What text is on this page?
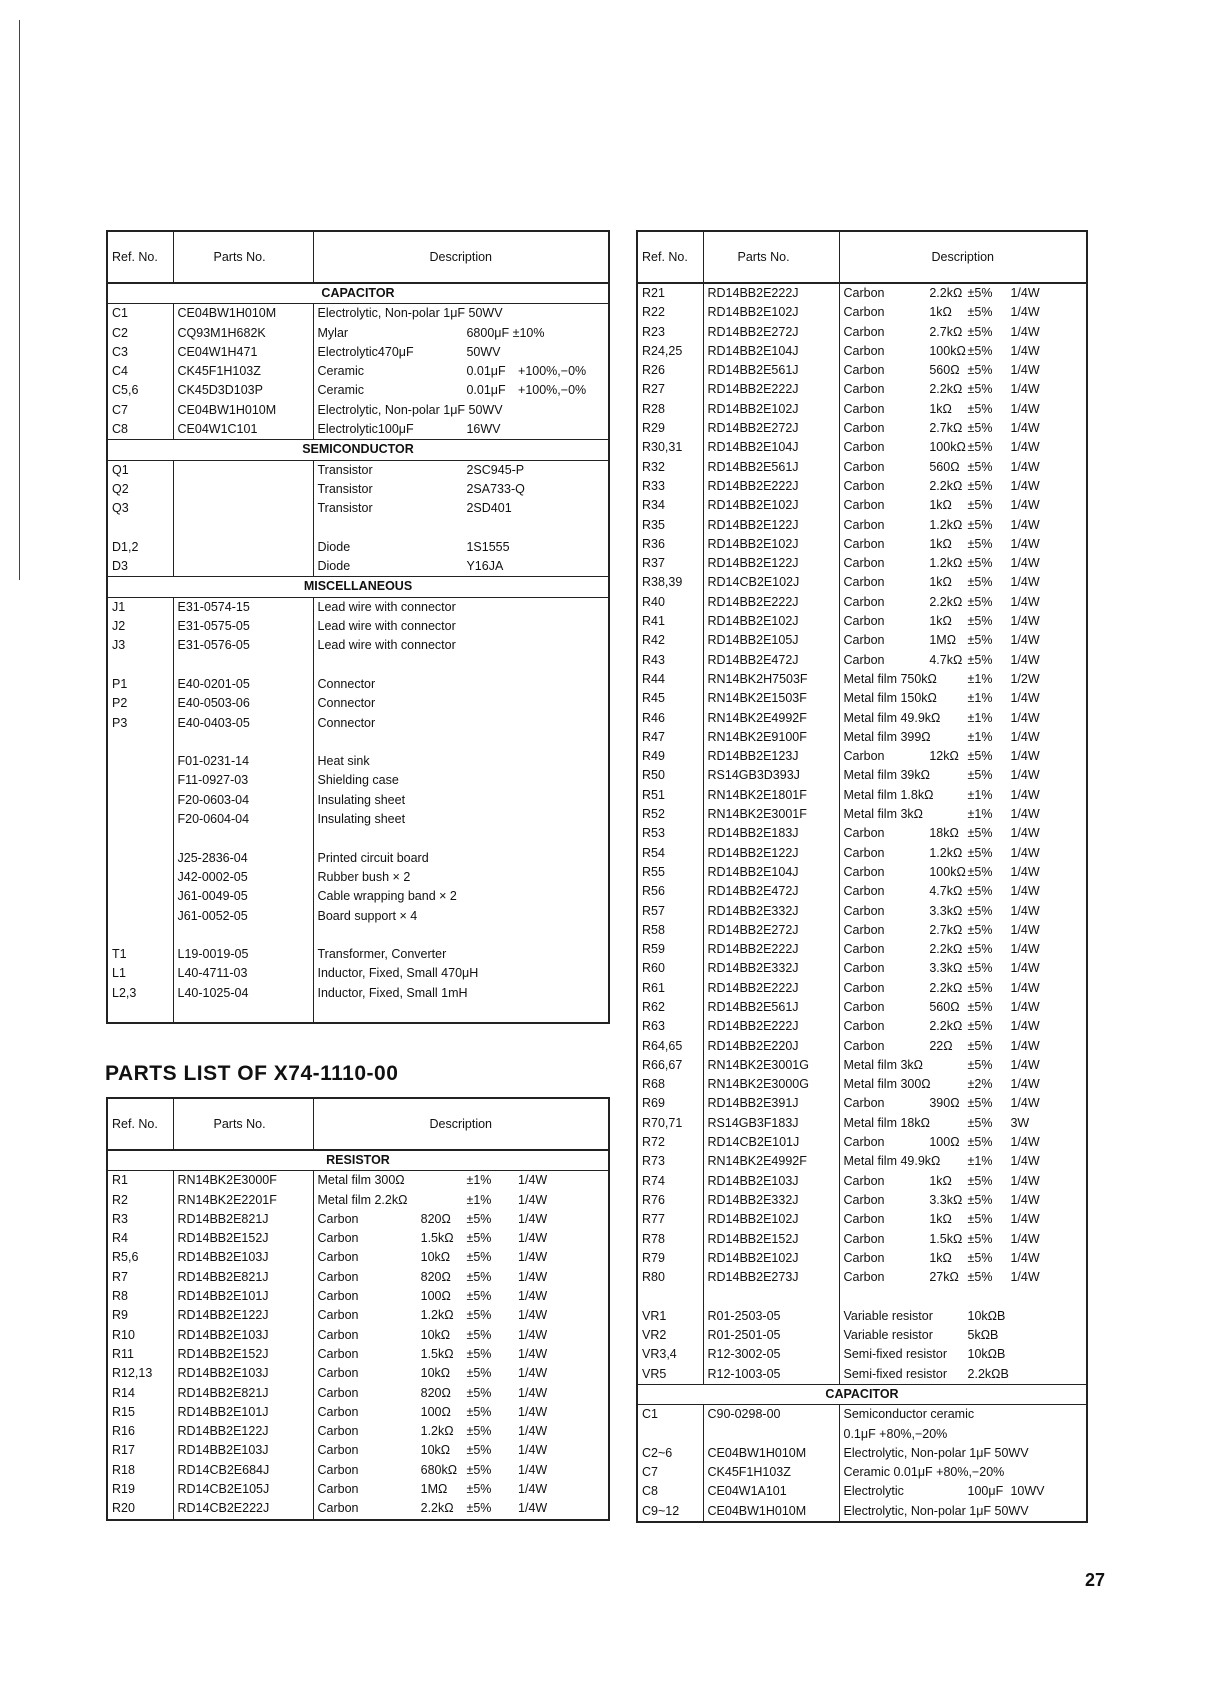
Ref. No.	Parts No.	Description
CAPACITOR		
C1	CE04BW1H010M	Electrolytic, Non-polar 1μF 50WV
C2	CQ93M1H682K	Mylar 6800μF ±10%
C3	CE04W1H471	Electrolytic470μF 50WV
C4	CK45F1H103Z	Ceramic 0.01μF +100%,−0%
C5,6	CK45D3D103P	Ceramic 0.01μF +100%,−0%
C7	CE04BW1H010M	Electrolytic, Non-polar 1μF 50WV
C8	CE04W1C101	Electrolytic100μF 16WV
SEMICONDUCTOR		
Q1		Transistor 2SC945-P
Q2		Transistor 2SA733-Q
Q3		Transistor 2SD401

D1,2		Diode 1S1555
D3		Diode Y16JA
MISCELLANEOUS		
J1	E31-0574-15	Lead wire with connector
J2	E31-0575-05	Lead wire with connector
J3	E31-0576-05	Lead wire with connector

P1	E40-0201-05	Connector
P2	E40-0503-06	Connector
P3	E40-0403-05	Connector

	F01-0231-14	Heat sink
	F11-0927-03	Shielding case
	F20-0603-04	Insulating sheet
	F20-0604-04	Insulating sheet

	J25-2836-04	Printed circuit board
	J42-0002-05	Rubber bush × 2
	J61-0049-05	Cable wrapping band × 2
	J61-0052-05	Board support × 4

T1	L19-0019-05	Transformer, Converter
L1	L40-4711-03	Inductor, Fixed, Small 470μH
L2,3	L40-1025-04	Inductor, Fixed, Small 1mH

PARTS LIST OF X74-1110-00
Ref. No.	Parts No.	Description
RESISTOR		
R1	RN14BK2E3000F	Metal film 300Ω ±1% 1/4W
R2	RN14BK2E2201F	Metal film 2.2kΩ ±1% 1/4W
R3	RD14BB2E821J	Carbon 820Ω ±5% 1/4W
R4	RD14BB2E152J	Carbon 1.5kΩ ±5% 1/4W
R5,6	RD14BB2E103J	Carbon 10kΩ ±5% 1/4W
R7	RD14BB2E821J	Carbon 820Ω ±5% 1/4W
R8	RD14BB2E101J	Carbon 100Ω ±5% 1/4W
R9	RD14BB2E122J	Carbon 1.2kΩ ±5% 1/4W
R10	RD14BB2E103J	Carbon 10kΩ ±5% 1/4W
R11	RD14BB2E152J	Carbon 1.5kΩ ±5% 1/4W
R12,13	RD14BB2E103J	Carbon 10kΩ ±5% 1/4W
R14	RD14BB2E821J	Carbon 820Ω ±5% 1/4W
R15	RD14BB2E101J	Carbon 100Ω ±5% 1/4W
R16	RD14BB2E122J	Carbon 1.2kΩ ±5% 1/4W
R17	RD14BB2E103J	Carbon 10kΩ ±5% 1/4W
R18	RD14CB2E684J	Carbon 680kΩ ±5% 1/4W
R19	RD14CB2E105J	Carbon 1MΩ ±5% 1/4W
R20	RD14CB2E222J	Carbon 2.2kΩ ±5% 1/4W
Ref. No.	Parts No.	Description
R21	RD14BB2E222J	Carbon 2.2kΩ ±5% 1/4W
R22	RD14BB2E102J	Carbon 1kΩ ±5% 1/4W
R23	RD14BB2E272J	Carbon 2.7kΩ ±5% 1/4W
R24,25	RD14BB2E104J	Carbon 100kΩ ±5% 1/4W
R26	RD14BB2E561J	Carbon 560Ω ±5% 1/4W
R27	RD14BB2E222J	Carbon 2.2kΩ ±5% 1/4W
R28	RD14BB2E102J	Carbon 1kΩ ±5% 1/4W
R29	RD14BB2E272J	Carbon 2.7kΩ ±5% 1/4W
R30,31	RD14BB2E104J	Carbon 100kΩ ±5% 1/4W
R32	RD14BB2E561J	Carbon 560Ω ±5% 1/4W
R33	RD14BB2E222J	Carbon 2.2kΩ ±5% 1/4W
R34	RD14BB2E102J	Carbon 1kΩ ±5% 1/4W
R35	RD14BB2E122J	Carbon 1.2kΩ ±5% 1/4W
R36	RD14BB2E102J	Carbon 1kΩ ±5% 1/4W
R37	RD14BB2E122J	Carbon 1.2kΩ ±5% 1/4W
R38,39	RD14CB2E102J	Carbon 1kΩ ±5% 1/4W
R40	RD14BB2E222J	Carbon 2.2kΩ ±5% 1/4W
R41	RD14BB2E102J	Carbon 1kΩ ±5% 1/4W
R42	RD14BB2E105J	Carbon 1MΩ ±5% 1/4W
R43	RD14BB2E472J	Carbon 4.7kΩ ±5% 1/4W
R44	RN14BK2H7503F	Metal film 750kΩ ±1% 1/2W
R45	RN14BK2E1503F	Metal film 150kΩ ±1% 1/4W
R46	RN14BK2E4992F	Metal film 49.9kΩ ±1% 1/4W
R47	RN14BK2E9100F	Metal film 399Ω ±1% 1/4W
R49	RD14BB2E123J	Carbon 12kΩ ±5% 1/4W
R50	RS14GB3D393J	Metal film 39kΩ ±5% 1/4W
R51	RN14BK2E1801F	Metal film 1.8kΩ ±1% 1/4W
R52	RN14BK2E3001F	Metal film 3kΩ ±1% 1/4W
R53	RD14BB2E183J	Carbon 18kΩ ±5% 1/4W
R54	RD14BB2E122J	Carbon 1.2kΩ ±5% 1/4W
R55	RD14BB2E104J	Carbon 100kΩ ±5% 1/4W
R56	RD14BB2E472J	Carbon 4.7kΩ ±5% 1/4W
R57	RD14BB2E332J	Carbon 3.3kΩ ±5% 1/4W
R58	RD14BB2E272J	Carbon 2.7kΩ ±5% 1/4W
R59	RD14BB2E222J	Carbon 2.2kΩ ±5% 1/4W
R60	RD14BB2E332J	Carbon 3.3kΩ ±5% 1/4W
R61	RD14BB2E222J	Carbon 2.2kΩ ±5% 1/4W
R62	RD14BB2E561J	Carbon 560Ω ±5% 1/4W
R63	RD14BB2E222J	Carbon 2.2kΩ ±5% 1/4W
R64,65	RD14BB2E220J	Carbon 22Ω ±5% 1/4W
R66,67	RN14BK2E3001G	Metal film 3kΩ ±5% 1/4W
R68	RN14BK2E3000G	Metal film 300Ω ±2% 1/4W
R69	RD14BB2E391J	Carbon 390Ω ±5% 1/4W
R70,71	RS14GB3F183J	Metal film 18kΩ ±5% 3W
R72	RD14CB2E101J	Carbon 100Ω ±5% 1/4W
R73	RN14BK2E4992F	Metal film 49.9kΩ ±1% 1/4W
R74	RD14BB2E103J	Carbon 1kΩ ±5% 1/4W
R76	RD14BB2E332J	Carbon 3.3kΩ ±5% 1/4W
R77	RD14BB2E102J	Carbon 1kΩ ±5% 1/4W
R78	RD14BB2E152J	Carbon 1.5kΩ ±5% 1/4W
R79	RD14BB2E102J	Carbon 1kΩ ±5% 1/4W
R80	RD14BB2E273J	Carbon 27kΩ ±5% 1/4W

VR1	R01-2503-05	Variable resistor 10kΩB
VR2	R01-2501-05	Variable resistor 5kΩB
VR3,4	R12-3002-05	Semi-fixed resistor 10kΩB
VR5	R12-1003-05	Semi-fixed resistor 2.2kΩB
CAPACITOR		
C1	C90-0298-00	Semiconductor ceramic
		0.1μF +80%,−20%
C2~6	CE04BW1H010M	Electrolytic, Non-polar 1μF 50WV
C7	CK45F1H103Z	Ceramic 0.01μF +80%,−20%
C8	CE04W1A101	Electrolytic 100μF 10WV
C9~12	CE04BW1H010M	Electrolytic, Non-polar 1μF 50WV
27
